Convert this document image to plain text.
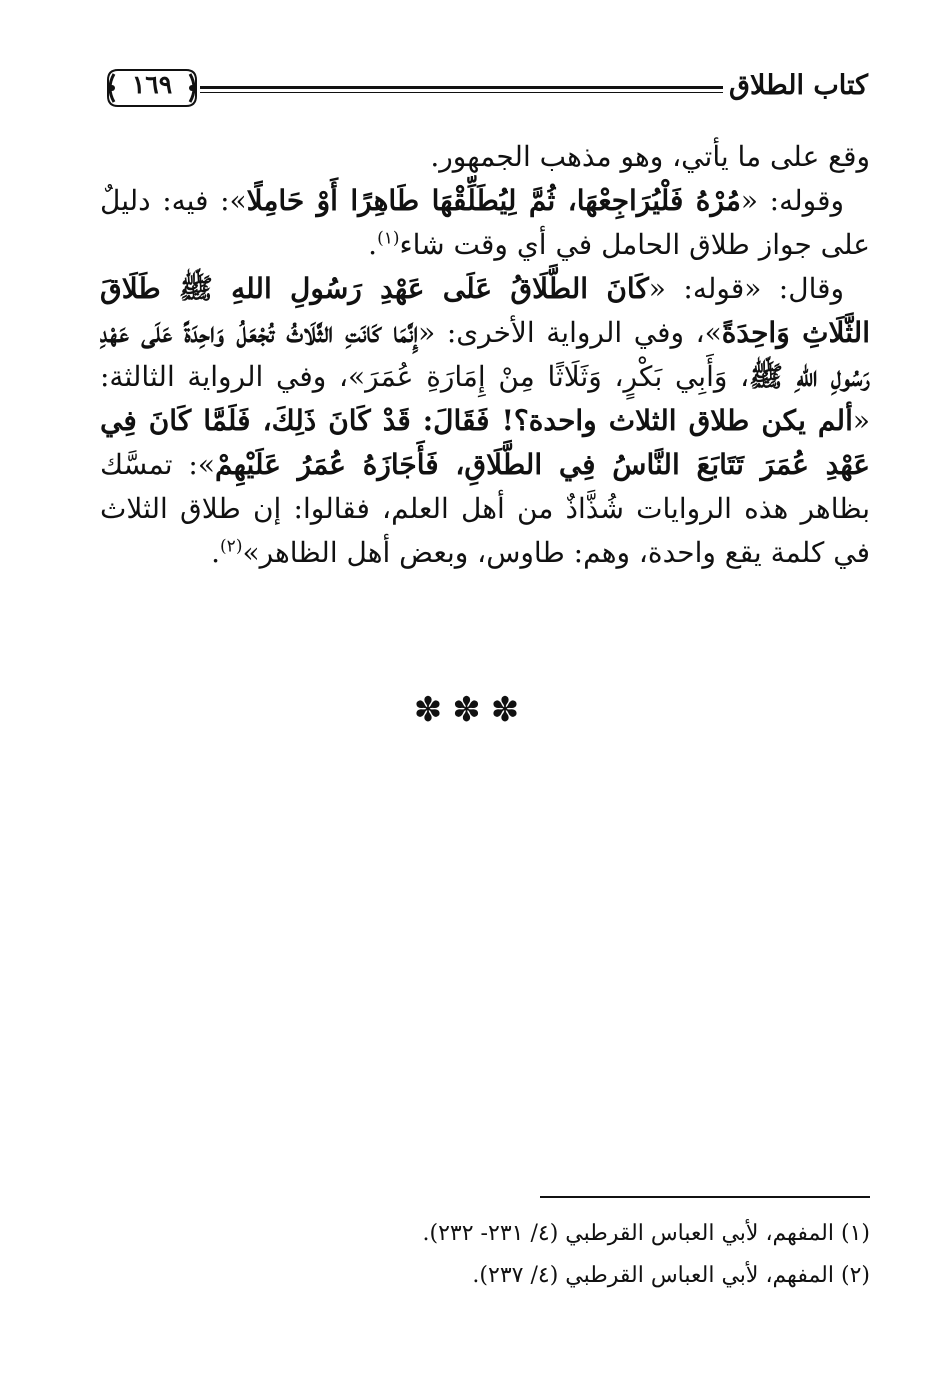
كتاب الطلاق
١٦٩

وقع على ما يأتي، وهو مذهب الجمهور.

وقوله: «مُرْهُ فَلْيُرَاجِعْهَا، ثُمَّ لِيُطَلِّقْهَا طَاهِرًا أَوْ حَامِلًا»: فيه: دليلٌ على جواز طلاق الحامل في أي وقت شاء$^{(١)}$.

وقال: «قوله: «كَانَ الطَّلَاقُ عَلَى عَهْدِ رَسُولِ اللهِ ﷺ طَلَاقَ الثَّلَاثِ وَاحِدَةً»، وفي الرواية الأخرى: «إِنَّمَا كَانَتِ الثَّلَاثُ تُجْعَلُ وَاحِدَةً عَلَى عَهْدِ رَسُولِ اللهِ ﷺ، وَأَبِي بَكْرٍ، وَثَلَاثًا مِنْ إِمَارَةِ عُمَرَ»، وفي الرواية الثالثة: «ألم يكن طلاق الثلاث واحدة؟! فَقَالَ: قَدْ كَانَ ذَلِكَ، فَلَمَّا كَانَ فِي عَهْدِ عُمَرَ تَتَابَعَ النَّاسُ فِي الطَّلَاقِ، فَأَجَازَهُ عُمَرُ عَلَيْهِمْ»: تمسَّك بظاهر هذه الروايات شُذَّاذٌ من أهل العلم، فقالوا: إن طلاق الثلاث في كلمة يقع واحدة، وهم: طاوس، وبعض أهل الظاهر»$^{(٢)}$.

✽✽✽

(١) المفهم، لأبي العباس القرطبي (٤/ ٢٣١- ٢٣٢).

(٢) المفهم، لأبي العباس القرطبي (٤/ ٢٣٧).
